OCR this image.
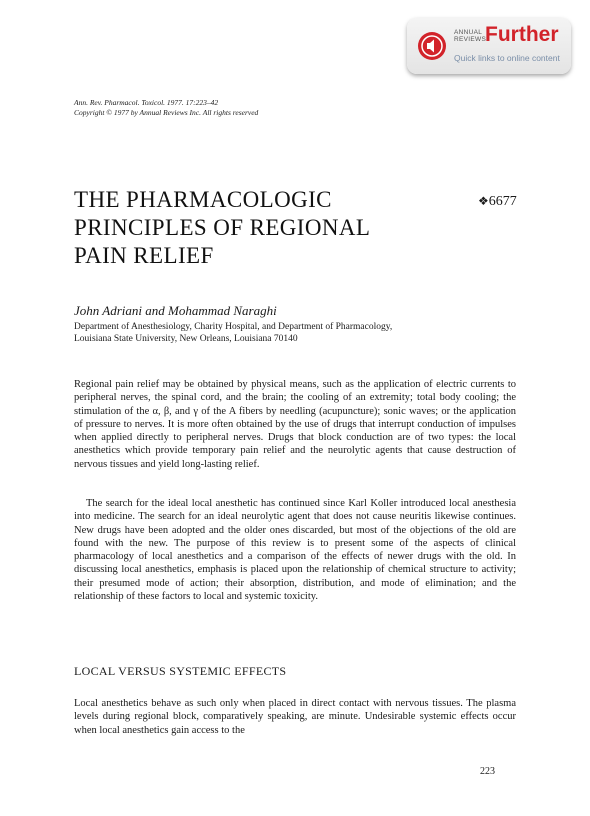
ANNUAL
REVIEWS
Further
Quick links to online content
Ann. Rev. Pharmacol. Toxicol. 1977. 17:223–42
Copyright © 1977 by Annual Reviews Inc. All rights reserved
THE PHARMACOLOGIC
PRINCIPLES OF REGIONAL
PAIN RELIEF
❖6677
John Adriani and Mohammad Naraghi
Department of Anesthesiology, Charity Hospital, and Department of Pharmacology,
Louisiana State University, New Orleans, Louisiana 70140

Regional pain relief may be obtained by physical means, such as the application of electric currents to peripheral nerves, the spinal cord, and the brain; the cooling of an extremity; total body cooling; the stimulation of the α, β, and γ of the A fibers by needling (acupuncture); sonic waves; or the application of pressure to nerves. It is more often obtained by the use of drugs that interrupt conduction of impulses when applied directly to peripheral nerves. Drugs that block conduction are of two types: the local anesthetics which provide temporary pain relief and the neurolytic agents that cause destruction of nervous tissues and yield long-lasting relief.

The search for the ideal local anesthetic has continued since Karl Koller introduced local anesthesia into medicine. The search for an ideal neurolytic agent that does not cause neuritis likewise continues. New drugs have been adopted and the older ones discarded, but most of the objections of the old are found with the new. The purpose of this review is to present some of the aspects of clinical pharmacology of local anesthetics and a comparison of the effects of newer drugs with the old. In discussing local anesthetics, emphasis is placed upon the relationship of chemical structure to activity; their presumed mode of action; their absorption, distribution, and mode of elimination; and the relationship of these factors to local and systemic toxicity.

LOCAL VERSUS SYSTEMIC EFFECTS

Local anesthetics behave as such only when placed in direct contact with nervous tissues. The plasma levels during regional block, comparatively speaking, are minute. Undesirable systemic effects occur when local anesthetics gain access to the

223
